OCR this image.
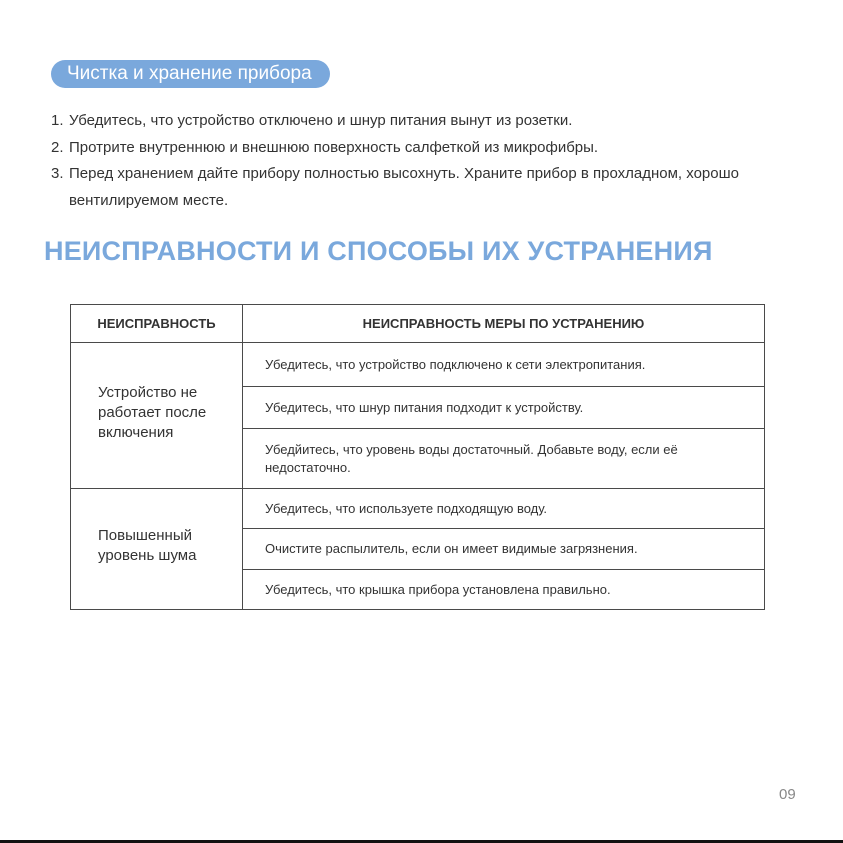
Чистка и хранение прибора
1. Убедитесь, что устройство отключено и шнур питания вынут из розетки.
2. Протрите внутреннюю и внешнюю поверхность салфеткой из микрофибры.
3. Перед хранением дайте прибору полностью высохнуть. Храните прибор в прохладном, хорошо вентилируемом месте.
НЕИСПРАВНОСТИ И СПОСОБЫ ИХ УСТРАНЕНИЯ
НЕИСПРАВНОСТЬ	НЕИСПРАВНОСТЬ МЕРЫ ПО УСТРАНЕНИЮ
Устройство не работает после включения	Убедитесь, что устройство подключено к сети электропитания.
	Убедитесь, что шнур питания подходит к устройству.
	Убедйитесь, что уровень воды достаточный. Добавьте воду, если её недостаточно.
Повышенный уровень шума	Убедитесь, что используете подходящую воду.
	Очистите распылитель, если он имеет видимые загрязнения.
	Убедитесь, что крышка прибора установлена правильно.
09
